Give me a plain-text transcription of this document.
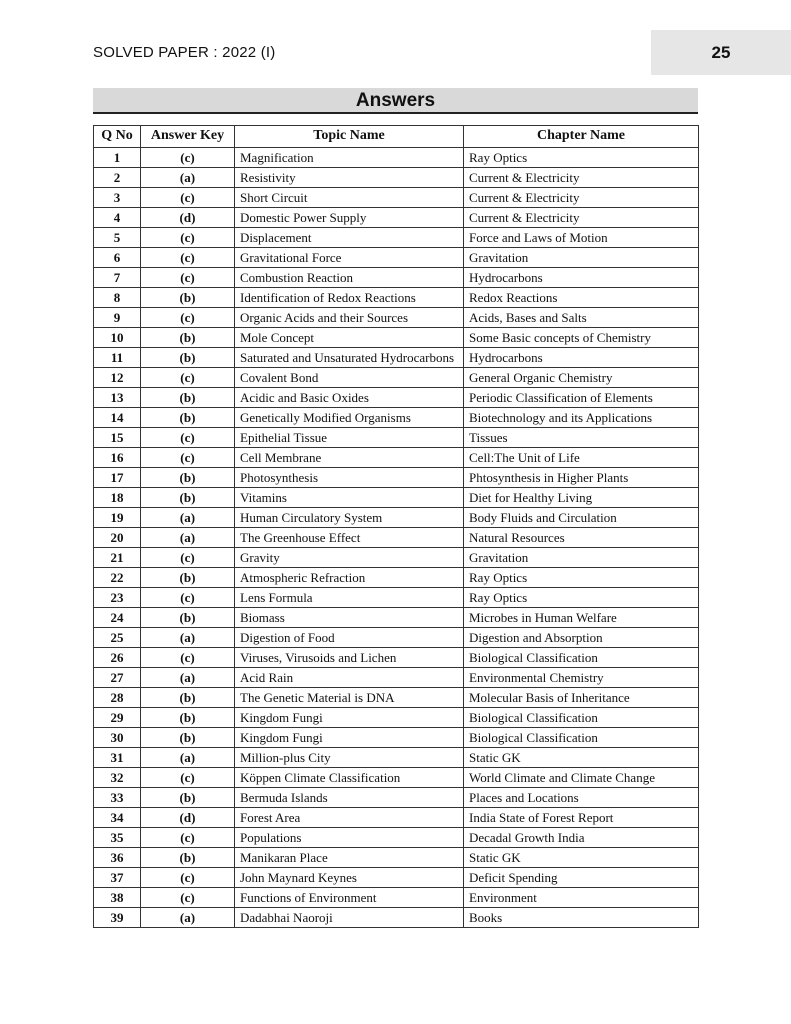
SOLVED PAPER : 2022 (I)	25
Answers
Q No	Answer Key	Topic Name	Chapter Name
1	(c)	Magnification	Ray Optics
2	(a)	Resistivity	Current & Electricity
3	(c)	Short Circuit	Current & Electricity
4	(d)	Domestic Power Supply	Current & Electricity
5	(c)	Displacement	Force and Laws of Motion
6	(c)	Gravitational Force	Gravitation
7	(c)	Combustion Reaction	Hydrocarbons
8	(b)	Identification of Redox Reactions	Redox Reactions
9	(c)	Organic Acids and their Sources	Acids, Bases and Salts
10	(b)	Mole Concept	Some Basic concepts of Chemistry
11	(b)	Saturated and Unsaturated Hydrocarbons	Hydrocarbons
12	(c)	Covalent Bond	General Organic Chemistry
13	(b)	Acidic and Basic Oxides	Periodic Classification of Elements
14	(b)	Genetically Modified Organisms	Biotechnology and its Applications
15	(c)	Epithelial Tissue	Tissues
16	(c)	Cell Membrane	Cell:The Unit of Life
17	(b)	Photosynthesis	Phtosynthesis in Higher Plants
18	(b)	Vitamins	Diet for Healthy Living
19	(a)	Human Circulatory System	Body Fluids and Circulation
20	(a)	The Greenhouse Effect	Natural Resources
21	(c)	Gravity	Gravitation
22	(b)	Atmospheric Refraction	Ray Optics
23	(c)	Lens Formula	Ray Optics
24	(b)	Biomass	Microbes in Human Welfare
25	(a)	Digestion of Food	Digestion and Absorption
26	(c)	Viruses, Virusoids and Lichen	Biological Classification
27	(a)	Acid Rain	Environmental Chemistry
28	(b)	The Genetic Material is DNA	Molecular Basis of Inheritance
29	(b)	Kingdom Fungi	Biological Classification
30	(b)	Kingdom Fungi	Biological Classification
31	(a)	Million-plus City	Static GK
32	(c)	Köppen Climate Classification	World Climate and Climate Change
33	(b)	Bermuda Islands	Places and Locations
34	(d)	Forest Area	India State of Forest Report
35	(c)	Populations	Decadal Growth India
36	(b)	Manikaran Place	Static GK
37	(c)	John Maynard Keynes	Deficit Spending
38	(c)	Functions of Environment	Environment
39	(a)	Dadabhai Naoroji	Books
